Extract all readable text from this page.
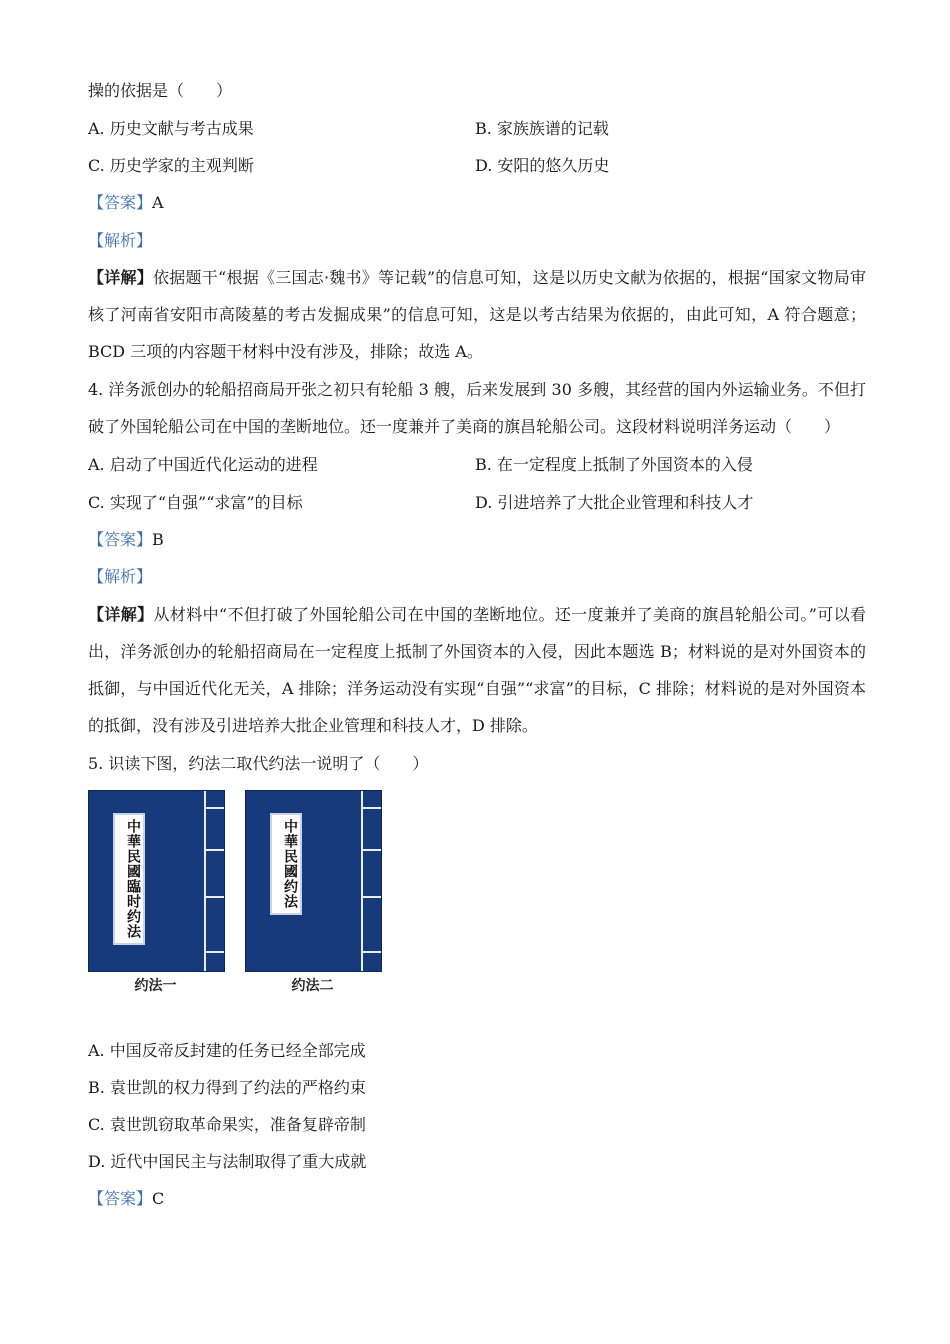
操的依据是（　　）
A. 历史文献与考古成果	B. 家族族谱的记载
C. 历史学家的主观判断	D. 安阳的悠久历史
【答案】A
【解析】
【详解】依据题干“根据《三国志·魏书》等记载”的信息可知，这是以历史文献为依据的，根据“国家文物局审核了河南省安阳市高陵墓的考古发掘成果”的信息可知，这是以考古结果为依据的，由此可知，A 符合题意；BCD 三项的内容题干材料中没有涉及，排除；故选 A。
4. 洋务派创办的轮船招商局开张之初只有轮船 3 艘，后来发展到 30 多艘，其经营的国内外运输业务。不但打破了外国轮船公司在中国的垄断地位。还一度兼并了美商的旗昌轮船公司。这段材料说明洋务运动（　　）
A. 启动了中国近代化运动的进程	B. 在一定程度上抵制了外国资本的入侵
C. 实现了“自强”“求富”的目标	D. 引进培养了大批企业管理和科技人才
【答案】B
【解析】
【详解】从材料中“不但打破了外国轮船公司在中国的垄断地位。还一度兼并了美商的旗昌轮船公司。”可以看出，洋务派创办的轮船招商局在一定程度上抵制了外国资本的入侵，因此本题选 B；材料说的是对外国资本的抵御，与中国近代化无关，A 排除；洋务运动没有实现“自强”“求富”的目标，C 排除；材料说的是对外国资本的抵御，没有涉及引进培养大批企业管理和科技人才，D 排除。
5. 识读下图，约法二取代约法一说明了（　　）
中華民國臨时约法
约法一
中華民國约法
约法二
A. 中国反帝反封建的任务已经全部完成
B. 袁世凯的权力得到了约法的严格约束
C. 袁世凯窃取革命果实，准备复辟帝制
D. 近代中国民主与法制取得了重大成就
【答案】C
